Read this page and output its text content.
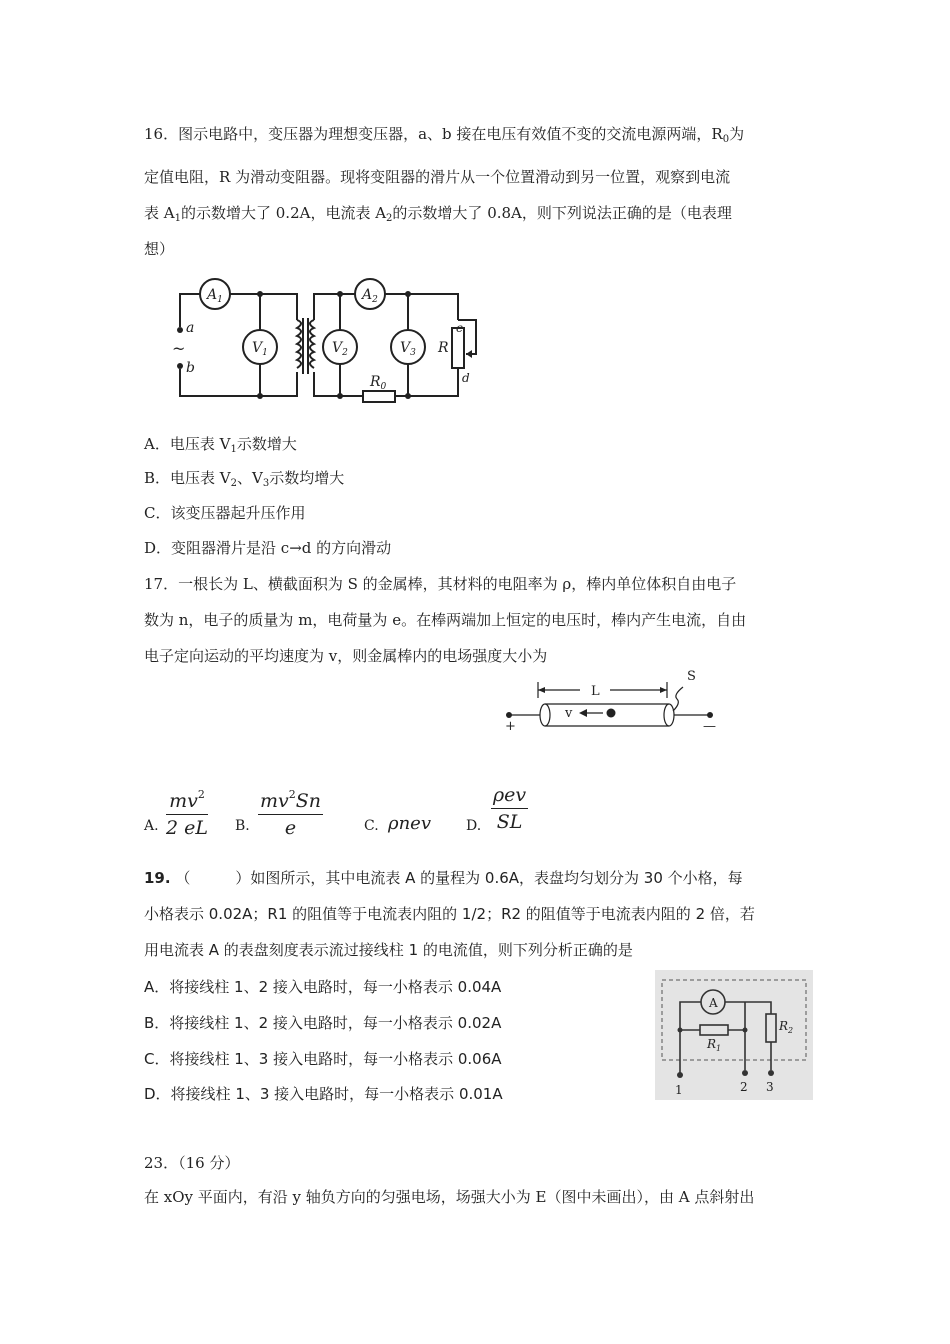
16．图示电路中，变压器为理想变压器，a、b 接在电压有效值不变的交流电源两端，$R_0$为

定值电阻，R 为滑动变阻器。现将变阻器的滑片从一个位置滑动到另一位置，观察到电流

表 $A_1$的示数增大了 0.2A，电流表 $A_2$的示数增大了 0.8A，则下列说法正确的是（电表理

想）

$A_1$	$A_2$
$V_1$	$V_2$	$V_3$
$R_0$
R
a
b
c
d
~

A．电压表 $V_1$示数增大

B．电压表 $V_2$、$V_3$示数均增大

C．该变压器起升压作用

D．变阻器滑片是沿 c→d 的方向滑动

17．一根长为 L、横截面积为 S 的金属棒，其材料的电阻率为 ρ，棒内单位体积自由电子

数为 n，电子的质量为 m，电荷量为 e。在棒两端加上恒定的电压时，棒内产生电流，自由

电子定向运动的平均速度为 v，则金属棒内的电场强度大小为

L
S
v
+	—
A. $\frac{mv^2}{2 eL} B$. $\frac{mv^2Sn}{e}$	C. ρnev	D.
ρev
SL

19. （　　　）如图所示，其中电流表 A 的量程为 0.6A，表盘均匀划分为 30 个小格，每

小格表示 0.02A；R1 的阻值等于电流表内阻的 1/2；R2 的阻值等于电流表内阻的 2 倍，若

用电流表 A 的表盘刻度表示流过接线柱 1 的电流值，则下列分析正确的是

A．将接线柱 1、2 接入电路时，每一小格表示 0.04A

B．将接线柱 1、2 接入电路时，每一小格表示 0.02A

C．将接线柱 1、3 接入电路时，每一小格表示 0.06A

D．将接线柱 1、3 接入电路时，每一小格表示 0.01A

A
$R_1$
$R_2$
1	2 3

23．（16 分）

在 xOy 平面内，有沿 y 轴负方向的匀强电场，场强大小为 E（图中未画出），由 A 点斜射出
